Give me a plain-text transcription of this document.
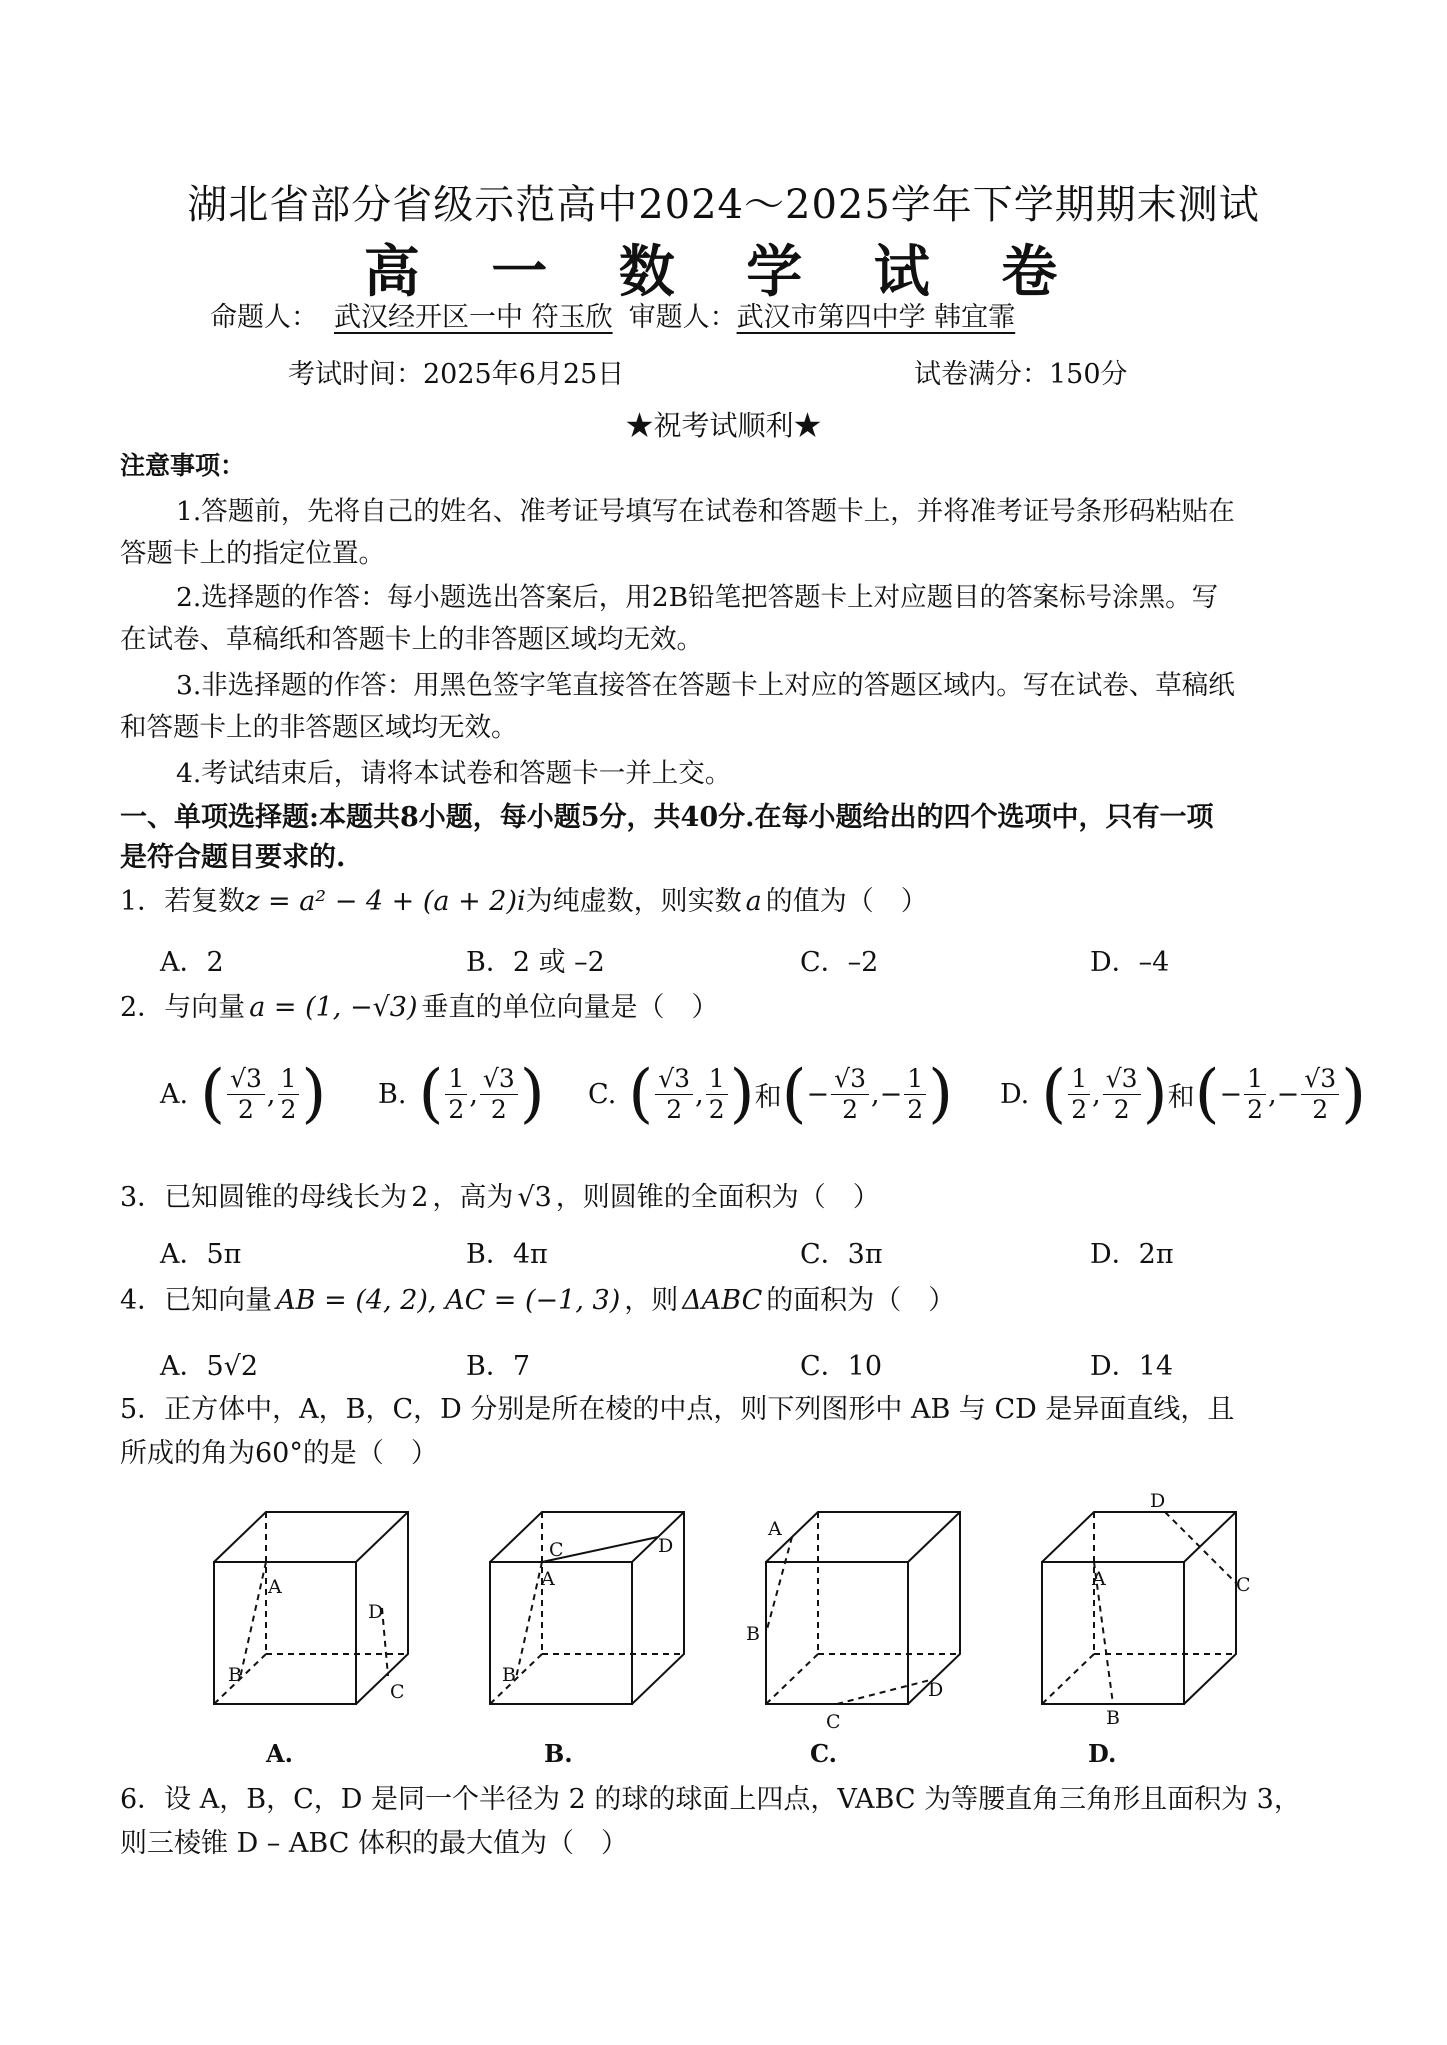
湖北省部分省级示范高中2024～2025学年下学期期末测试
高 一 数 学 试 卷
命题人： 武汉经开区一中 符玉欣 审题人：武汉市第四中学 韩宜霏
考试时间：2025年6月25日	试卷满分：150分
★祝考试顺利★
注意事项：
1.答题前，先将自己的姓名、准考证号填写在试卷和答题卡上，并将准考证号条形码粘贴在
答题卡上的指定位置。
2.选择题的作答：每小题选出答案后，用2B铅笔把答题卡上对应题目的答案标号涂黑。写
在试卷、草稿纸和答题卡上的非答题区域均无效。
3.非选择题的作答：用黑色签字笔直接答在答题卡上对应的答题区域内。写在试卷、草稿纸
和答题卡上的非答题区域均无效。
4.考试结束后，请将本试卷和答题卡一并上交。
一、单项选择题:本题共8小题，每小题5分，共40分.在每小题给出的四个选项中，只有一项
是符合题目要求的.
1．若复数z = a² − 4 + (a + 2)i为纯虚数，则实数 a 的值为（　）
A．2	B．2 或 –2	C．–2	D．–4
2．与向量 a = (1, −√3) 垂直的单位向量是（　）
A. ( $\frac{√3}{2}$ , $\frac{1}{2}$ ) B. ( $\frac{1}{2}$ , $\frac{√3}{2}$ ) C. ( $\frac{√3}{2}$ , $\frac{1}{2}$ ) 和 ( − $\frac{√3}{2}$ ,− $\frac{1}{2}$ ) D. ( $\frac{1}{2}$ , $\frac{√3}{2}$ ) 和 ( − $\frac{1}{2}$ ,− $\frac{√3}{2}$ )
3．已知圆锥的母线长为 2 ，高为 √3 ，则圆锥的全面积为（　）
A．5π	B．4π	C．3π	D．2π
4．已知向量 AB = (4, 2), AC = (−1, 3) ，则 ΔABC 的面积为（　）
A．5√2	B．7	C．10	D．14
5．正方体中，A，B，C，D 分别是所在棱的中点，则下列图形中 AB 与 CD 是异面直线，且
所成的角为60°的是（　）
A
B
C
D
A
B
C	D
A
B
C
D
A
B
C
D
A.	B.	C.	D.
6．设 A，B，C，D 是同一个半径为 2 的球的球面上四点，VABC 为等腰直角三角形且面积为 3，
则三棱锥 D – ABC 体积的最大值为（　）
